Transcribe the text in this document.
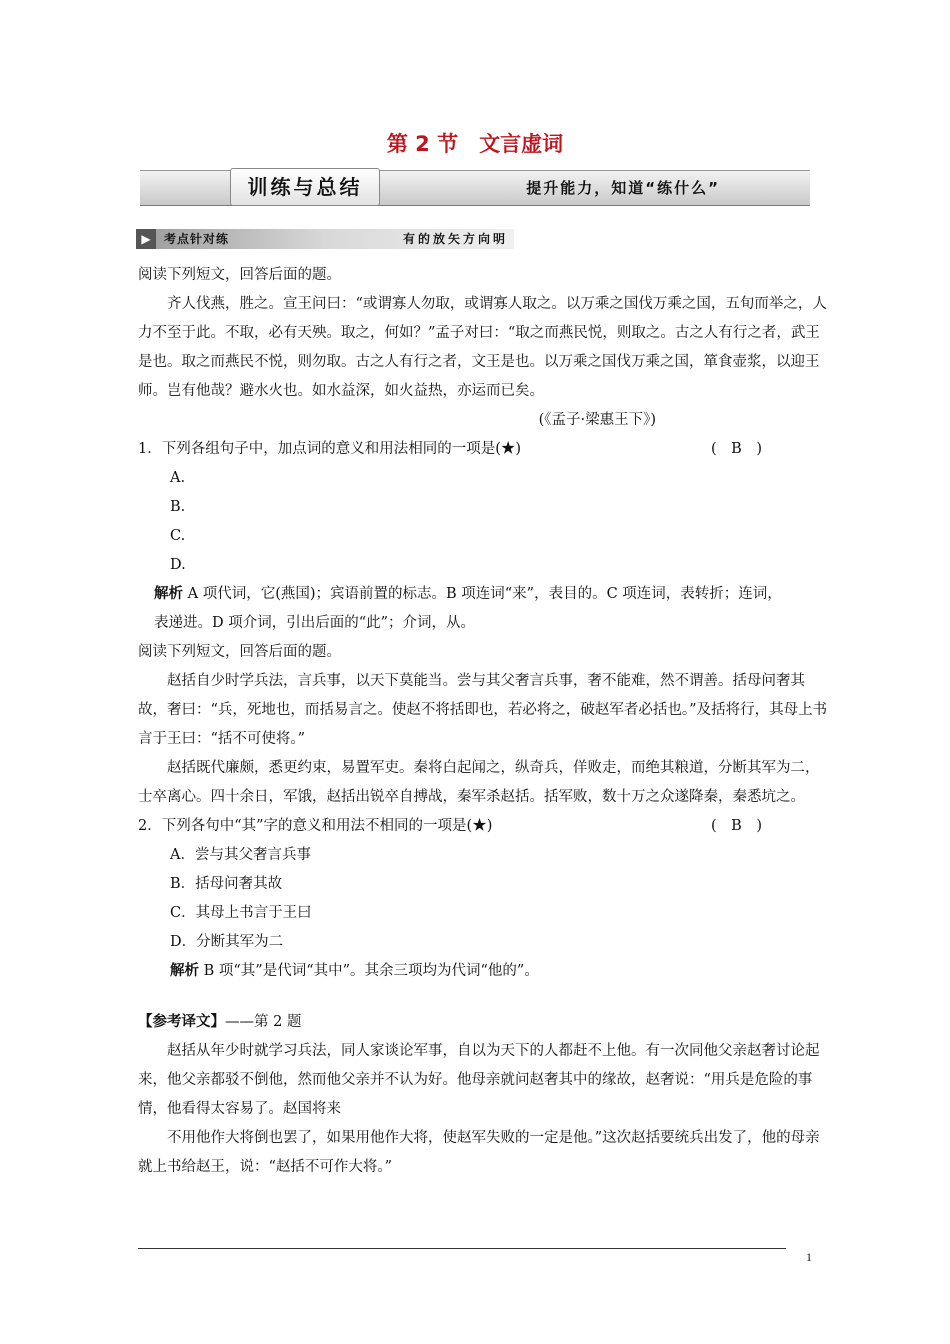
第 2 节　文言虚词
训练与总结	提升能力，知道“练什么”
▶	考点针对练	有的放矢方向明

阅读下列短文，回答后面的题。

齐人伐燕，胜之。宣王问曰：“或谓寡人勿取，或谓寡人取之。以万乘之国伐万乘之国，五旬而举之，人力不至于此。不取，必有天殃。取之，何如？”孟子对曰：“取之而燕民悦，则取之。古之人有行之者，武王是也。取之而燕民不悦，则勿取。古之人有行之者，文王是也。以万乘之国伐万乘之国，箪食壶浆，以迎王师。岂有他哉？避水火也。如水益深，如火益热，亦运而已矣。

(《孟子·梁惠王下》)

1．下列各组句子中，加点词的意义和用法相同的一项是(★)	(　B　)

A.

B.

C.

D.

解析 A 项代词，它(燕国)；宾语前置的标志。B 项连词“来”，表目的。C 项连词，表转折；连词，

表递进。D 项介词，引出后面的“此”；介词，从。

阅读下列短文，回答后面的题。

赵括自少时学兵法，言兵事，以天下莫能当。尝与其父奢言兵事，奢不能难，然不谓善。括母问奢其故，奢曰：“兵，死地也，而括易言之。使赵不将括即也，若必将之，破赵军者必括也。”及括将行，其母上书言于王曰：“括不可使将。”

赵括既代廉颇，悉更约束，易置军吏。秦将白起闻之，纵奇兵，佯败走，而绝其粮道，分断其军为二，士卒离心。四十余日，军饿，赵括出锐卒自搏战，秦军杀赵括。括军败，数十万之众遂降秦，秦悉坑之。

2．下列各句中“其”字的意义和用法不相同的一项是(★)	(　B　)

A．尝与其父奢言兵事

B．括母问奢其故

C．其母上书言于王曰

D．分断其军为二

解析 B 项“其”是代词“其中”。其余三项均为代词“他的”。

【参考译文】——第 2 题

赵括从年少时就学习兵法，同人家谈论军事，自以为天下的人都赶不上他。有一次同他父亲赵奢讨论起来，他父亲都驳不倒他，然而他父亲并不认为好。他母亲就问赵奢其中的缘故，赵奢说：“用兵是危险的事情，他看得太容易了。赵国将来

不用他作大将倒也罢了，如果用他作大将，使赵军失败的一定是他。”这次赵括要统兵出发了，他的母亲就上书给赵王，说：“赵括不可作大将。”

1
